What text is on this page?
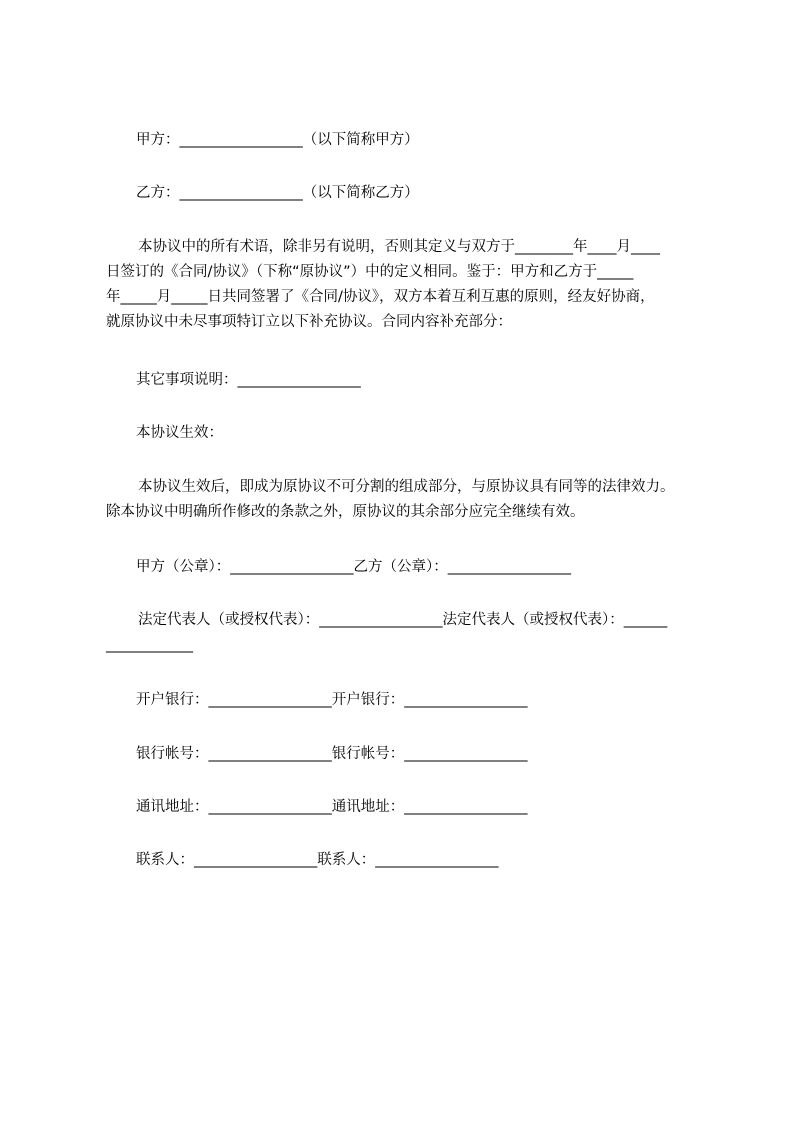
甲方：_________________（以下简称甲方）
乙方：_________________（以下简称乙方）
本协议中的所有术语，除非另有说明，否则其定义与双方于________年____月____
日签订的《合同/协议》（下称“原协议”）中的定义相同。鉴于：甲方和乙方于_____
年_____月_____日共同签署了《合同/协议》，双方本着互利互惠的原则，经友好协商，
就原协议中未尽事项特订立以下补充协议。合同内容补充部分：
其它事项说明：_________________
本协议生效：
本协议生效后，即成为原协议不可分割的组成部分，与原协议具有同等的法律效力。
除本协议中明确所作修改的条款之外，原协议的其余部分应完全继续有效。
甲方（公章）：_________________乙方（公章）：_________________
法定代表人（或授权代表）：_________________法定代表人（或授权代表）：______
____________
开户银行：_________________开户银行：_________________
银行帐号：_________________银行帐号：_________________
通讯地址：_________________通讯地址：_________________
联系人：_________________联系人：_________________
